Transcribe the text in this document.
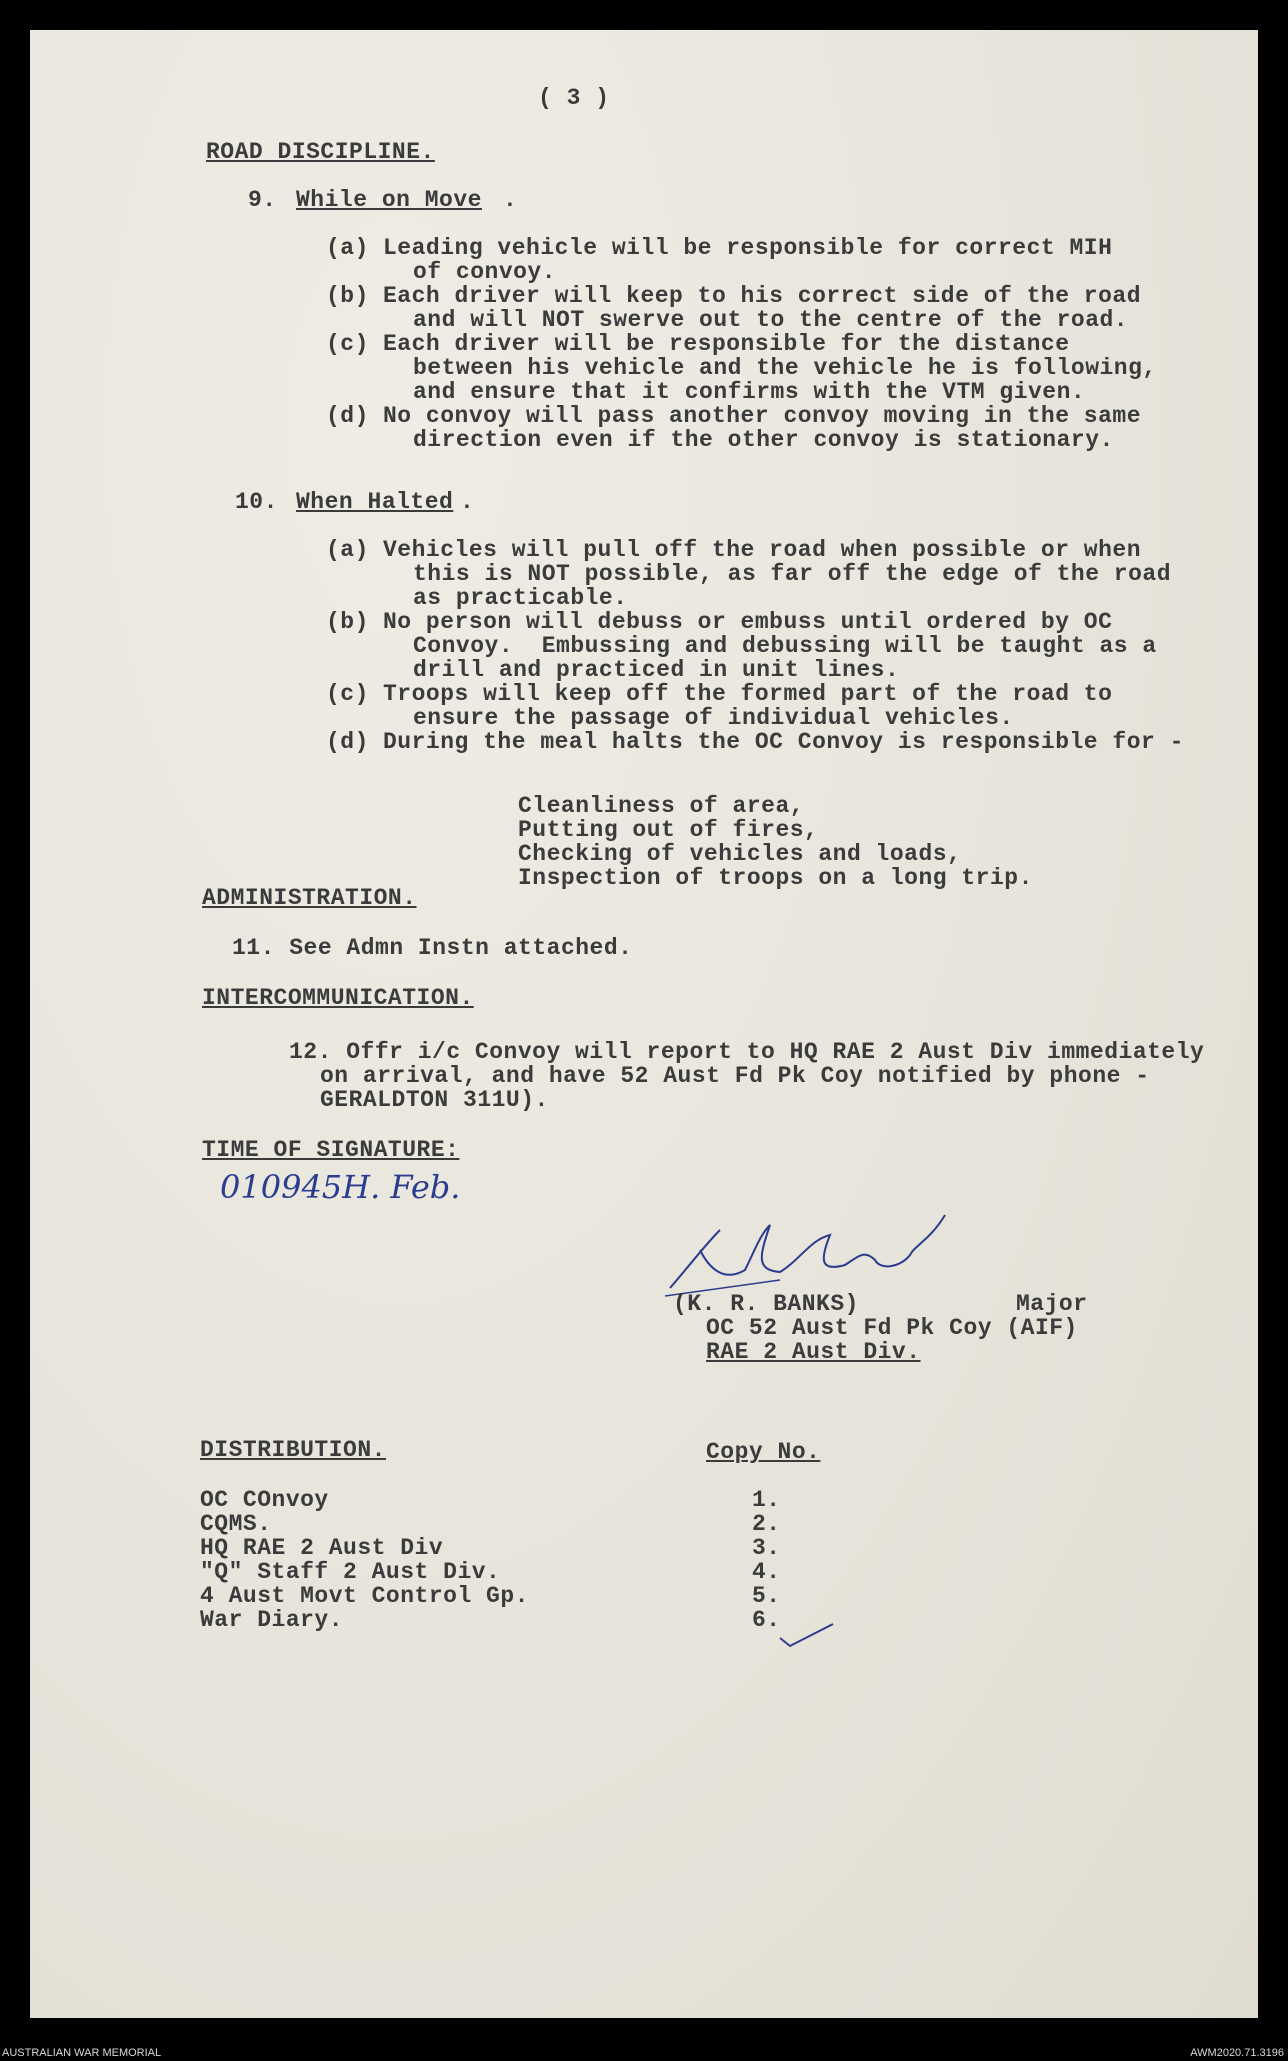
( 3 )
ROAD DISCIPLINE.
9. While on Move .
(a) Leading vehicle will be responsible for correct MIH
of convoy.
(b) Each driver will keep to his correct side of the road
and will NOT swerve out to the centre of the road.
(c) Each driver will be responsible for the distance
between his vehicle and the vehicle he is following,
and ensure that it confirms with the VTM given.
(d) No convoy will pass another convoy moving in the same
direction even if the other convoy is stationary.
10. When Halted .
(a) Vehicles will pull off the road when possible or when
this is NOT possible, as far off the edge of the road
as practicable.
(b) No person will debuss or embuss until ordered by OC
Convoy.  Embussing and debussing will be taught as a
drill and practiced in unit lines.
(c) Troops will keep off the formed part of the road to
ensure the passage of individual vehicles.
(d) During the meal halts the OC Convoy is responsible for -
Cleanliness of area,
Putting out of fires,
Checking of vehicles and loads,
Inspection of troops on a long trip.
ADMINISTRATION.
11. See Admn Instn attached.
INTERCOMMUNICATION.
12. Offr i/c Convoy will report to HQ RAE 2 Aust Div immediately
on arrival, and have 52 Aust Fd Pk Coy notified by phone -
GERALDTON 311U).
TIME OF SIGNATURE:
010945H. Feb.
(K. R. BANKS)	Major
OC 52 Aust Fd Pk Coy (AIF)
RAE 2 Aust Div.
DISTRIBUTION.	Copy No.
OC COnvoy	1.
CQMS.	2.
HQ RAE 2 Aust Div	3.
"Q" Staff 2 Aust Div.	4.
4 Aust Movt Control Gp.	5.
War Diary.	6.
AUSTRALIAN WAR MEMORIAL	AWM2020.71.3196
